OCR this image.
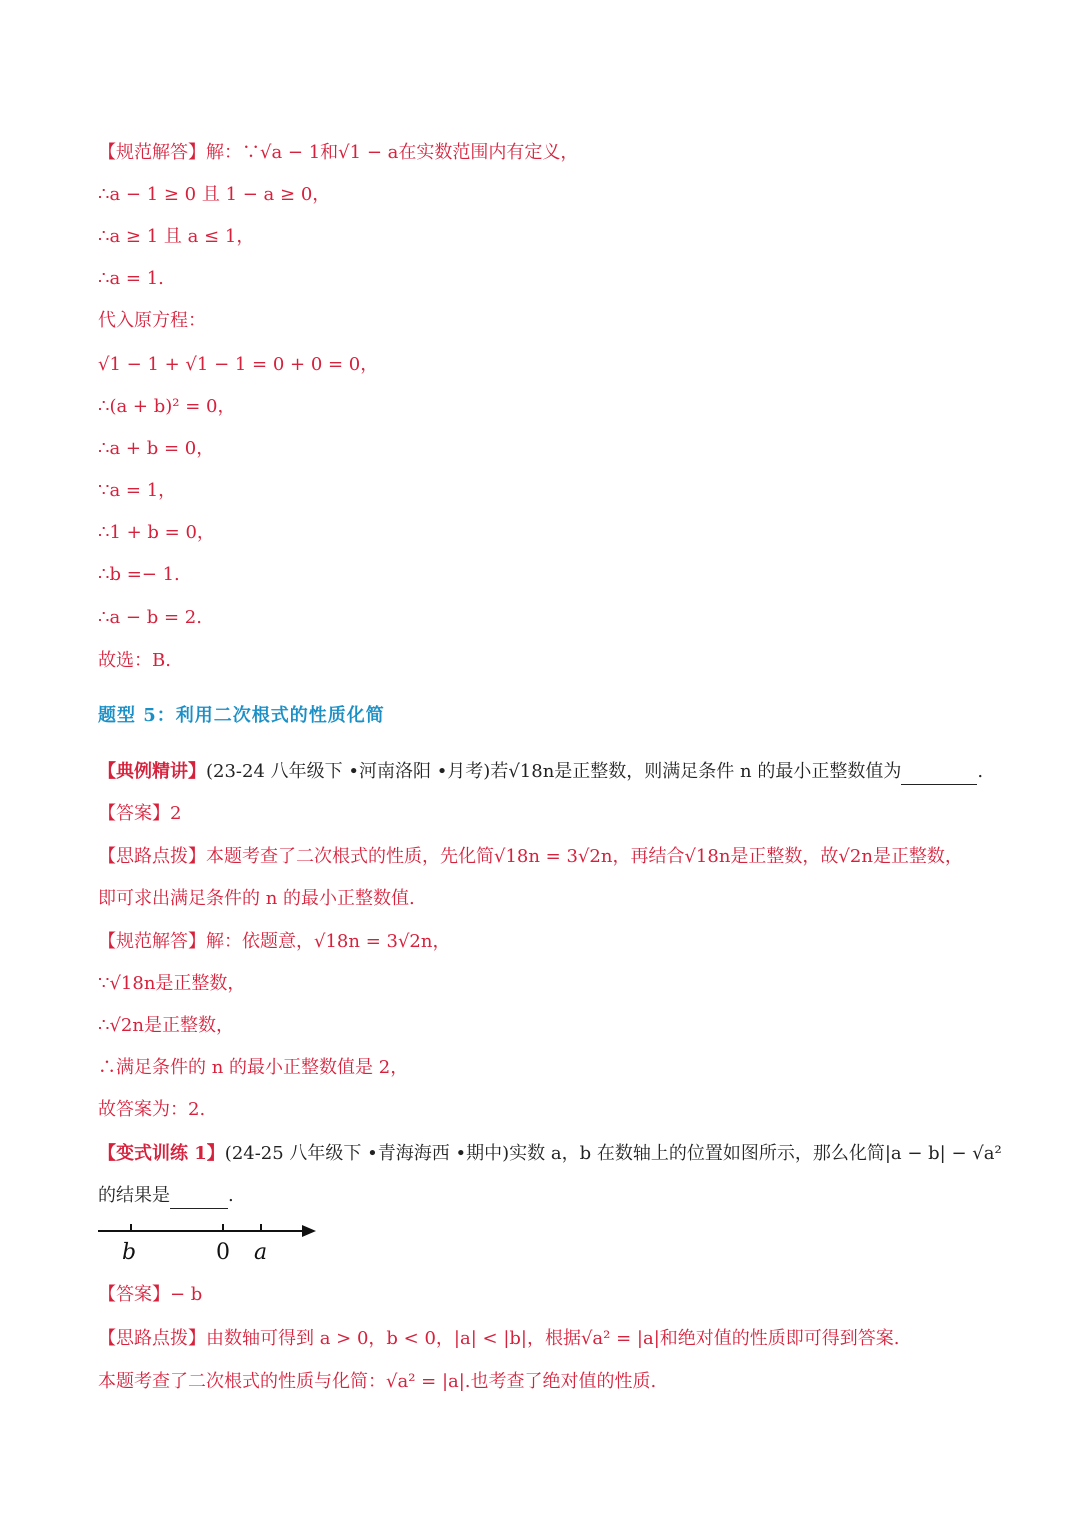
【规范解答】解：∵√a − 1和√1 − a在实数范围内有定义，

∴a − 1 ≥ 0 且 1 − a ≥ 0，

∴a ≥ 1 且 a ≤ 1，

∴a = 1.

代入原方程：

√1 − 1 + √1 − 1 = 0 + 0 = 0，

∴(a + b)² = 0，

∴a + b = 0，

∵a = 1，

∴1 + b = 0，

∴b =− 1.

∴a − b = 2.

故选：B.

题型 5：利用二次根式的性质化简

【典例精讲】(23-24 八年级下 •河南洛阳 •月考)若√18n是正整数，则满足条件 n 的最小正整数值为	.

【答案】2

【思路点拨】本题考查了二次根式的性质，先化简√18n = 3√2n，再结合√18n是正整数，故√2n是正整数，

即可求出满足条件的 n 的最小正整数值.

【规范解答】解：依题意，√18n = 3√2n，

∵√18n是正整数，

∴√2n是正整数，

∴满足条件的 n 的最小正整数值是 2，

故答案为：2.

【变式训练 1】(24-25 八年级下 •青海海西 •期中)实数 a，b 在数轴上的位置如图所示，那么化简|a − b| − √a²

的结果是	.

b	0 a

【答案】− b

【思路点拨】由数轴可得到 a > 0，b < 0，|a| < |b|，根据√a² = |a|和绝对值的性质即可得到答案.

本题考查了二次根式的性质与化简：√a² = |a|.也考查了绝对值的性质.
